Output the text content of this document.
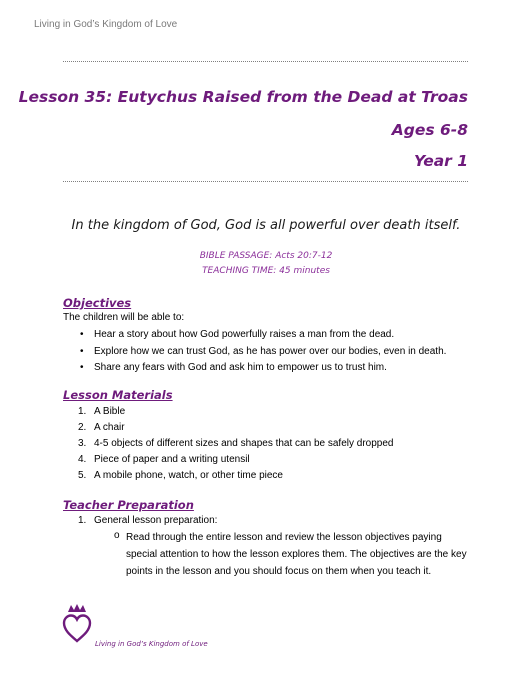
Living in God’s Kingdom of Love
Lesson 35: Eutychus Raised from the Dead at Troas
Ages 6-8
Year 1
In the kingdom of God, God is all powerful over death itself.
BIBLE PASSAGE: Acts 20:7-12
TEACHING TIME: 45 minutes
Objectives
The children will be able to:
• Hear a story about how God powerfully raises a man from the dead.
• Explore how we can trust God, as he has power over our bodies, even in death.
• Share any fears with God and ask him to empower us to trust him.
Lesson Materials
1. A Bible
2. A chair
3. 4-5 objects of different sizes and shapes that can be safely dropped
4. Piece of paper and a writing utensil
5. A mobile phone, watch, or other time piece
Teacher Preparation
1. General lesson preparation:
o Read through the entire lesson and review the lesson objectives paying special attention to how the lesson explores them. The objectives are the key points in the lesson and you should focus on them when you teach it.
Living in God’s Kingdom of Love
